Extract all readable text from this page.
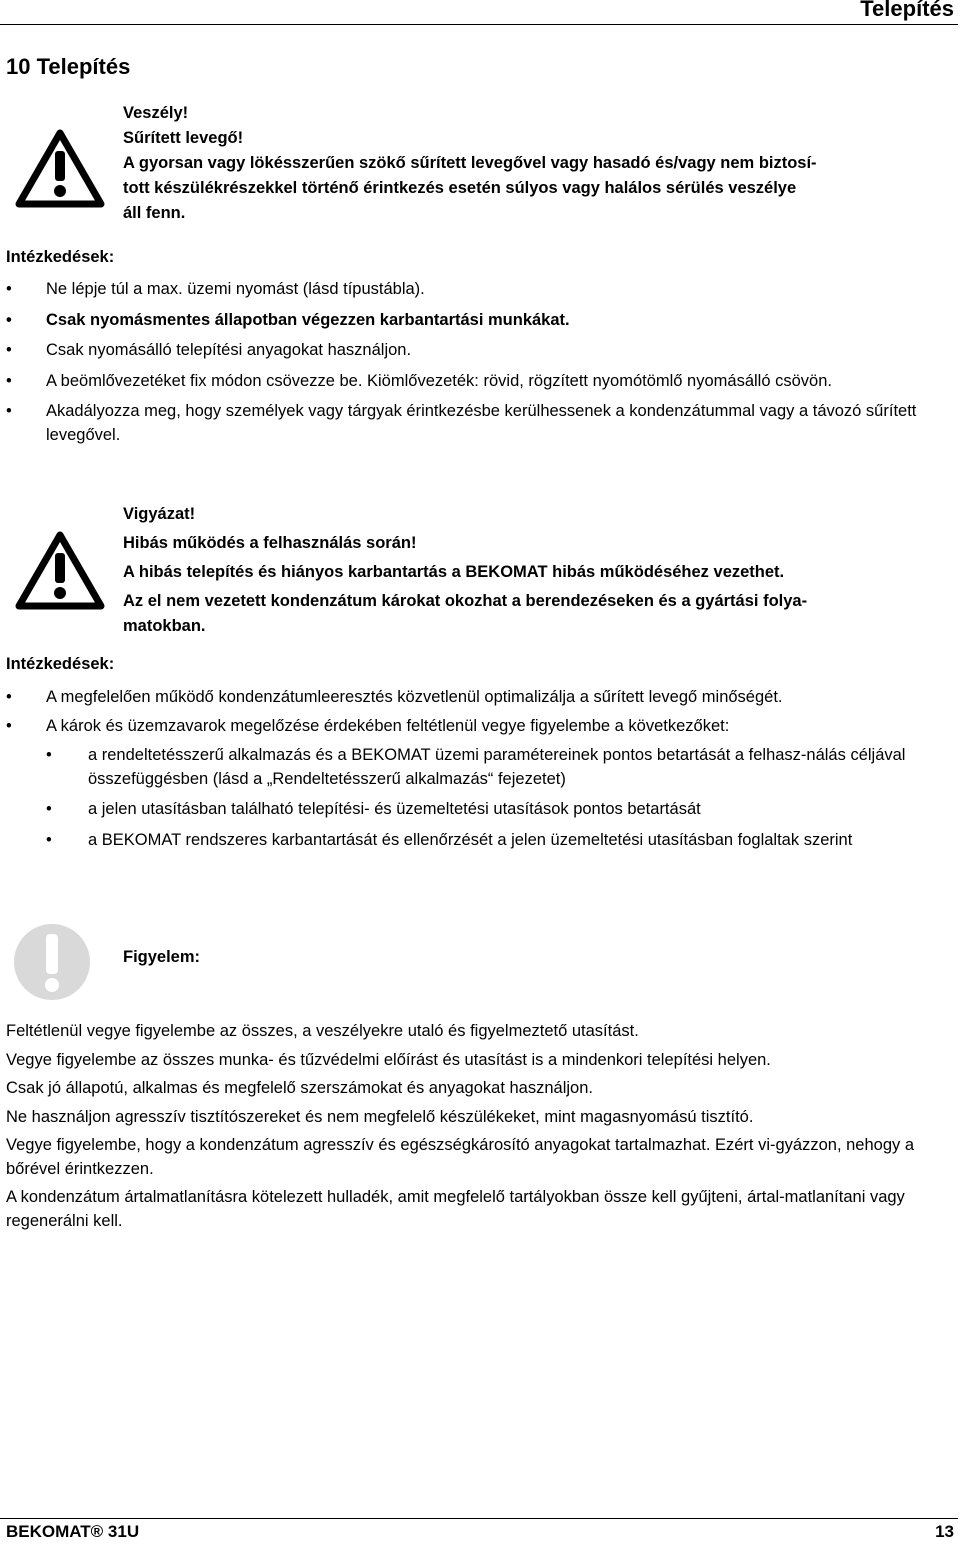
Telepítés
10 Telepítés
Veszély!
Sűrített levegő!
A gyorsan vagy lökésszerűen szökő sűrített levegővel vagy hasadó és/vagy nem biztosí-
tott készülékrészekkel történő érintkezés esetén súlyos vagy halálos sérülés veszélye
áll fenn.
Intézkedések:
• Ne lépje túl a max. üzemi nyomást (lásd típustábla).
• Csak nyomásmentes állapotban végezzen karbantartási munkákat.
• Csak nyomásálló telepítési anyagokat használjon.
• A beömlővezetéket fix módon csövezze be. Kiömlővezeték: rövid, rögzített nyomótömlő nyomásálló csövön.
• Akadályozza meg, hogy személyek vagy tárgyak érintkezésbe kerülhessenek a kondenzátummal vagy a távozó sűrített levegővel.
Vigyázat!
Hibás működés a felhasználás során!
A hibás telepítés és hiányos karbantartás a BEKOMAT hibás működéséhez vezethet.
Az el nem vezetett kondenzátum károkat okozhat a berendezéseken és a gyártási folya-
matokban.
Intézkedések:
• A megfelelően működő kondenzátumleeresztés közvetlenül optimalizálja a sűrített levegő minőségét.
• A károk és üzemzavarok megelőzése érdekében feltétlenül vegye figyelembe a következőket:
• a rendeltetésszerű alkalmazás és a BEKOMAT üzemi paramétereinek pontos betartását a felhasz-nálás céljával összefüggésben (lásd a „Rendeltetésszerű alkalmazás“ fejezetet)
• a jelen utasításban található telepítési- és üzemeltetési utasítások pontos betartását
• a BEKOMAT rendszeres karbantartását és ellenőrzését a jelen üzemeltetési utasításban foglaltak szerint
Figyelem:

Feltétlenül vegye figyelembe az összes, a veszélyekre utaló és figyelmeztető utasítást.

Vegye figyelembe az összes munka- és tűzvédelmi előírást és utasítást is a mindenkori telepítési helyen.

Csak jó állapotú, alkalmas és megfelelő szerszámokat és anyagokat használjon.

Ne használjon agresszív tisztítószereket és nem megfelelő készülékeket, mint magasnyomású tisztító.

Vegye figyelembe, hogy a kondenzátum agresszív és egészségkárosító anyagokat tartalmazhat. Ezért vi-gyázzon, nehogy a bőrével érintkezzen.

A kondenzátum ártalmatlanításra kötelezett hulladék, amit megfelelő tartályokban össze kell gyűjteni, ártal-matlanítani vagy regenerálni kell.

BEKOMAT® 31U	13
